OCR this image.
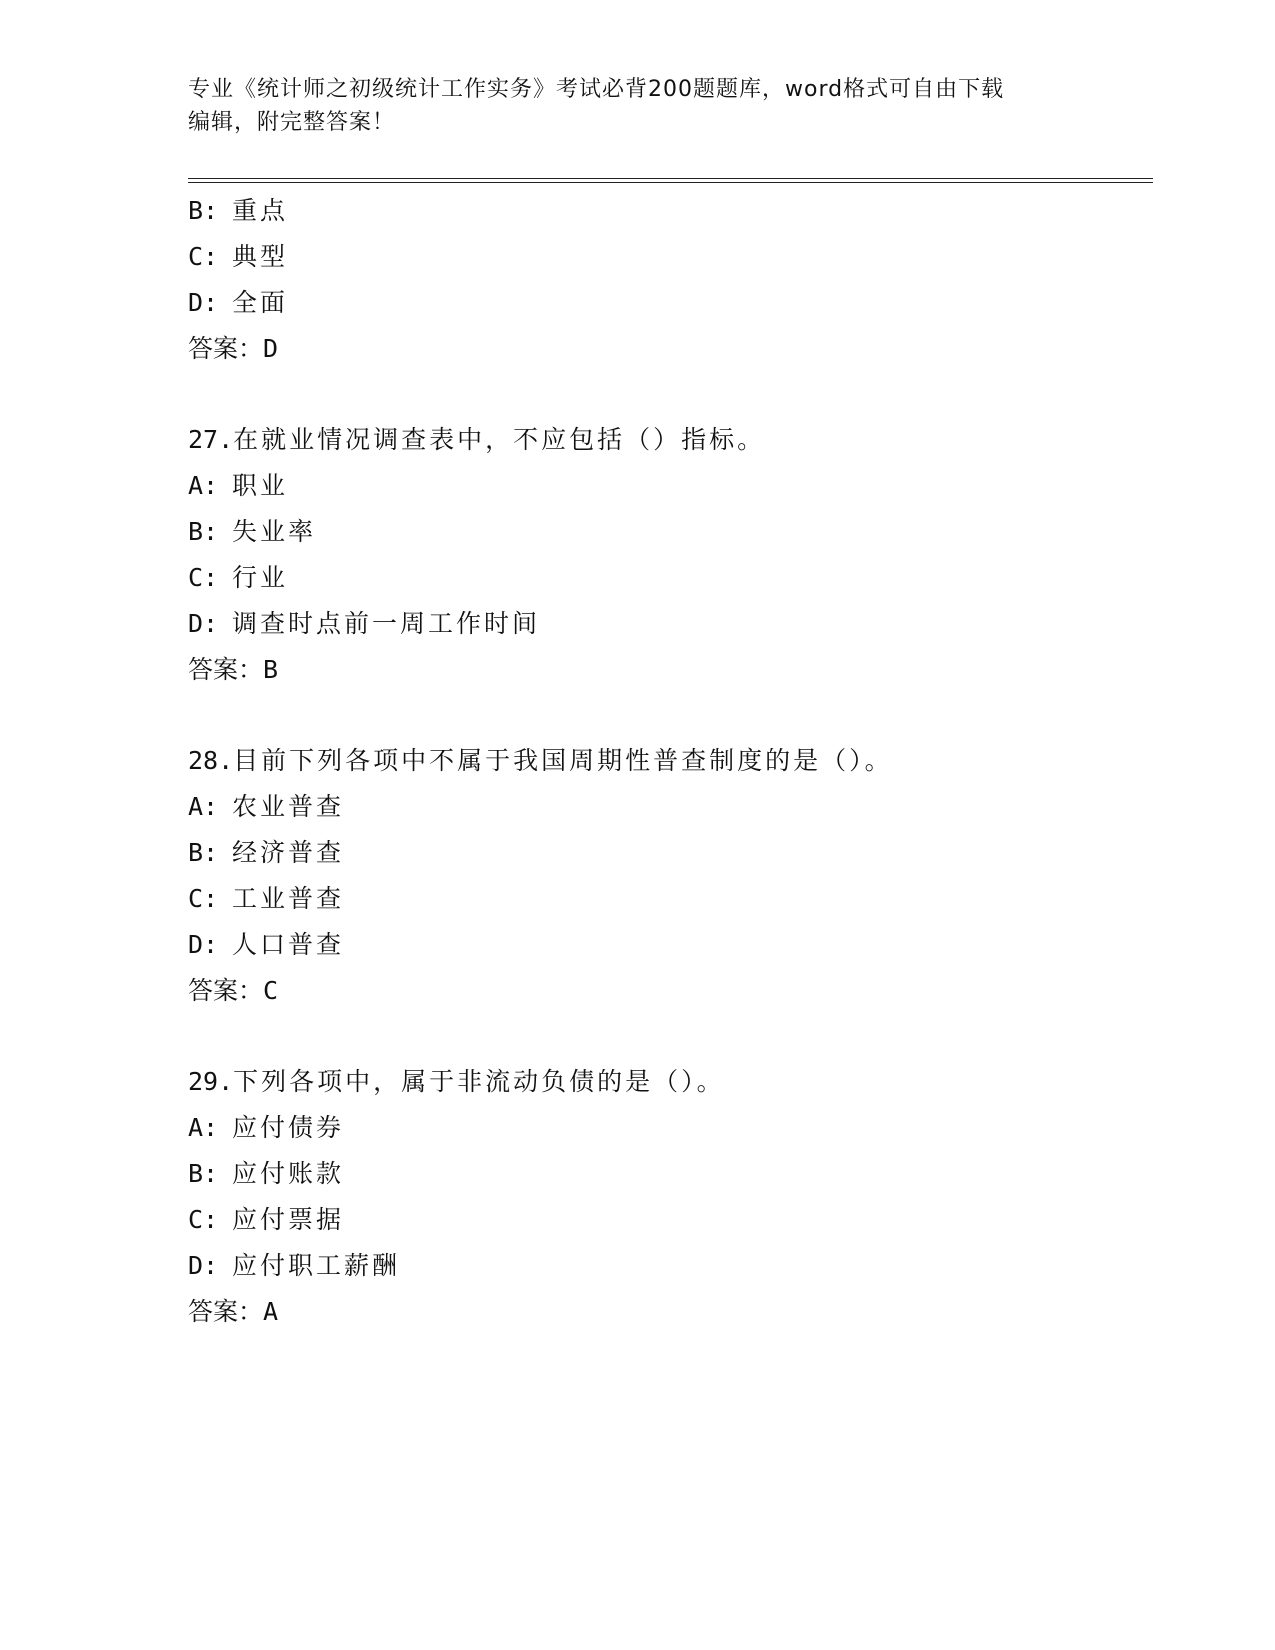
专业《统计师之初级统计工作实务》考试必背200题题库，word格式可自由下载
编辑，附完整答案！
B: 重点
C: 典型
D: 全面
答案：D
27.在就业情况调查表中，不应包括（）指标。
A: 职业
B: 失业率
C: 行业
D: 调查时点前一周工作时间
答案：B
28.目前下列各项中不属于我国周期性普查制度的是（）。
A: 农业普查
B: 经济普查
C: 工业普查
D: 人口普查
答案：C
29.下列各项中，属于非流动负债的是（）。
A: 应付债券
B: 应付账款
C: 应付票据
D: 应付职工薪酬
答案：A
